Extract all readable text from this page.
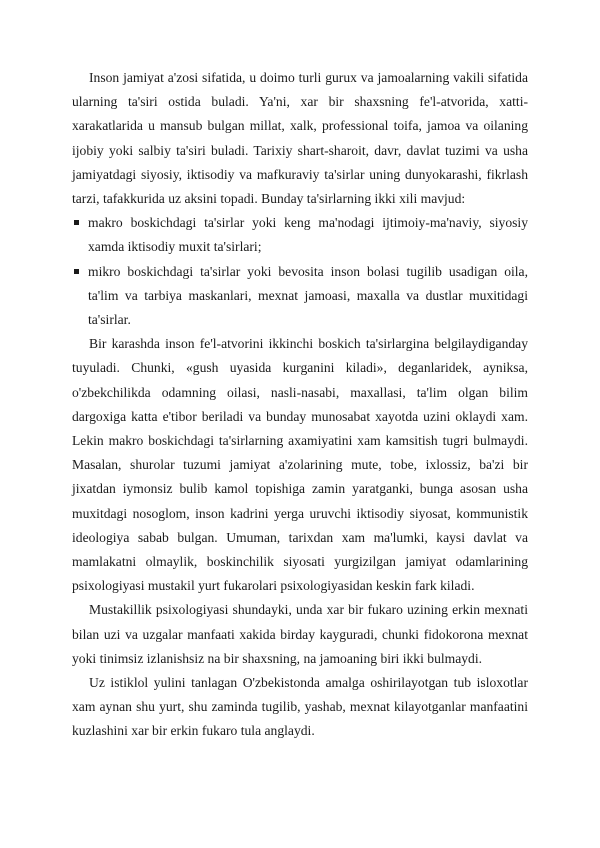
Inson jamiyat a'zosi sifatida, u doimo turli gurux va jamoalarning vakili sifatida ularning ta'siri ostida buladi. Ya'ni, xar bir shaxsning fe'l-atvorida, xatti-xarakatlarida u mansub bulgan millat, xalk, professional toifa, jamoa va oilaning ijobiy yoki salbiy ta'siri buladi. Tarixiy shart-sharoit, davr, davlat tuzimi va usha jamiyatdagi siyosiy, iktisodiy va mafkuraviy ta'sirlar uning dunyokarashi, fikrlash tarzi, tafakkurida uz aksini topadi. Bunday ta'sirlarning ikki xili mavjud:

makro boskichdagi ta'sirlar yoki keng ma'nodagi ijtimoiy-ma'naviy, siyosiy xamda iktisodiy muxit ta'sirlari;
mikro boskichdagi ta'sirlar yoki bevosita inson bolasi tugilib usadigan oila, ta'lim va tarbiya maskanlari, mexnat jamoasi, maxalla va dustlar muxitidagi ta'sirlar.

Bir karashda inson fe'l-atvorini ikkinchi boskich ta'sirlargina belgilaydiganday tuyuladi. Chunki, «gush uyasida kurganini kiladi», deganlaridek, ayniksa, o'zbekchilikda odamning oilasi, nasli-nasabi, maxallasi, ta'lim olgan bilim dargoxiga katta e'tibor beriladi va bunday munosabat xayotda uzini oklaydi xam. Lekin makro boskichdagi ta'sirlarning axamiyatini xam kamsitish tugri bulmaydi. Masalan, shurolar tuzumi jamiyat a'zolarining mute, tobe, ixlossiz, ba'zi bir jixatdan iymonsiz bulib kamol topishiga zamin yaratganki, bunga asosan usha muxitdagi nosoglom, inson kadrini yerga uruvchi iktisodiy siyosat, kommunistik ideologiya sabab bulgan. Umuman, tarixdan xam ma'lumki, kaysi davlat va mamlakatni olmaylik, boskinchilik siyosati yurgizilgan jamiyat odamlarining psixologiyasi mustakil yurt fukarolari psixologiyasidan keskin fark kiladi.

Mustakillik psixologiyasi shundayki, unda xar bir fukaro uzining erkin mexnati bilan uzi va uzgalar manfaati xakida birday kayguradi, chunki fidokorona mexnat yoki tinimsiz izlanishsiz na bir shaxsning, na jamoaning biri ikki bulmaydi.

Uz istiklol yulini tanlagan O'zbekistonda amalga oshirilayotgan tub isloxotlar xam aynan shu yurt, shu zaminda tugilib, yashab, mexnat kilayotganlar manfaatini kuzlashini xar bir erkin fukaro tula anglaydi.
